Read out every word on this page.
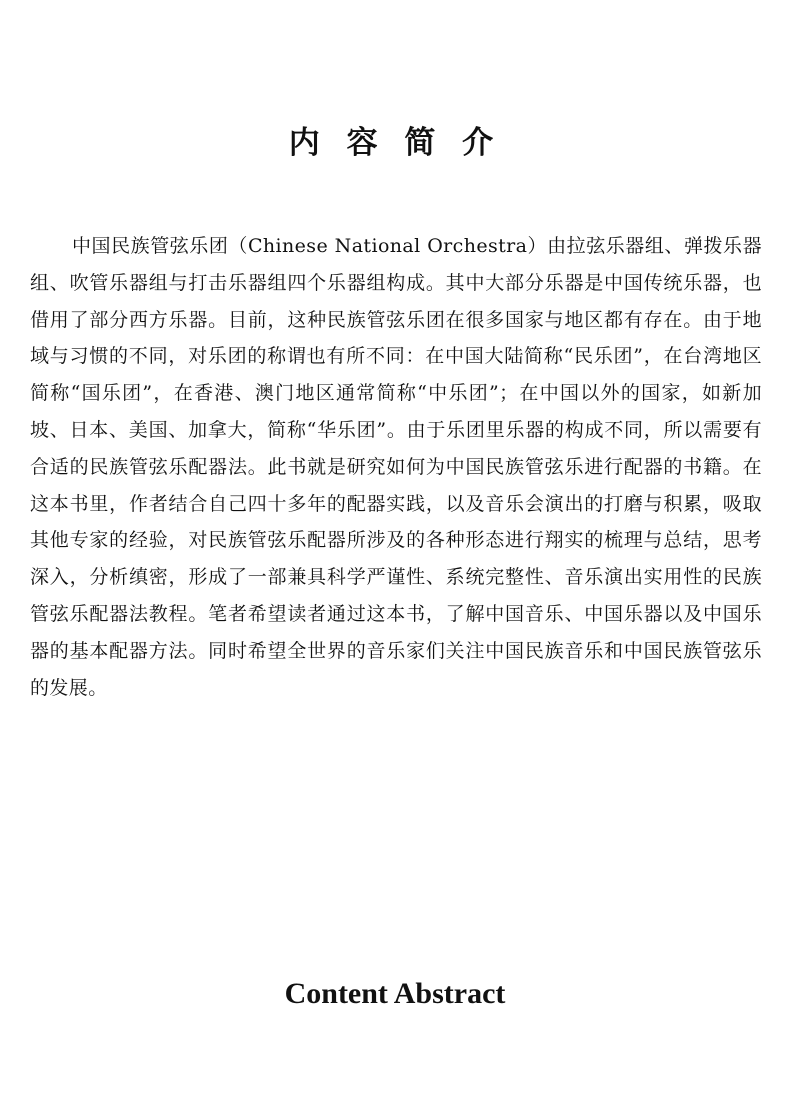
内 容 简 介

中国民族管弦乐团（Chinese National Orchestra）由拉弦乐器组、弹拨乐器组、吹管乐器组与打击乐器组四个乐器组构成。其中大部分乐器是中国传统乐器，也借用了部分西方乐器。目前，这种民族管弦乐团在很多国家与地区都有存在。由于地域与习惯的不同，对乐团的称谓也有所不同：在中国大陆简称“民乐团”，在台湾地区简称“国乐团”，在香港、澳门地区通常简称“中乐团”；在中国以外的国家，如新加坡、日本、美国、加拿大，简称“华乐团”。由于乐团里乐器的构成不同，所以需要有合适的民族管弦乐配器法。此书就是研究如何为中国民族管弦乐进行配器的书籍。在这本书里，作者结合自己四十多年的配器实践，以及音乐会演出的打磨与积累，吸取其他专家的经验，对民族管弦乐配器所涉及的各种形态进行翔实的梳理与总结，思考深入，分析缜密，形成了一部兼具科学严谨性、系统完整性、音乐演出实用性的民族管弦乐配器法教程。笔者希望读者通过这本书，了解中国音乐、中国乐器以及中国乐器的基本配器方法。同时希望全世界的音乐家们关注中国民族音乐和中国民族管弦乐的发展。

Content Abstract
